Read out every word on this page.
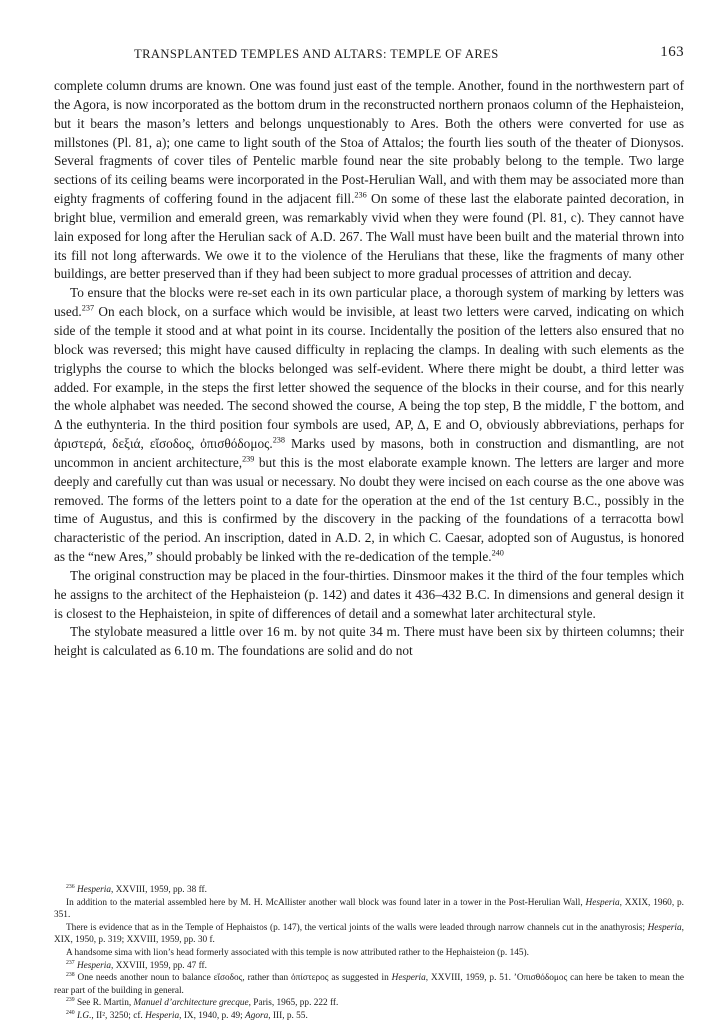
TRANSPLANTED TEMPLES AND ALTARS: TEMPLE OF ARES	163

complete column drums are known. One was found just east of the temple. Another, found in the northwestern part of the Agora, is now incorporated as the bottom drum in the reconstructed northern pronaos column of the Hephaisteion, but it bears the mason’s letters and belongs unquestionably to Ares. Both the others were converted for use as millstones (Pl. 81, a); one came to light south of the Stoa of Attalos; the fourth lies south of the theater of Dionysos. Several fragments of cover tiles of Pentelic marble found near the site probably belong to the temple. Two large sections of its ceiling beams were incorporated in the Post-Herulian Wall, and with them may be associated more than eighty fragments of coffering found in the adjacent fill.$^{236}$ On some of these last the elaborate painted decoration, in bright blue, vermilion and emerald green, was remarkably vivid when they were found (Pl. 81, c). They cannot have lain exposed for long after the Herulian sack of A.D. 267. The Wall must have been built and the material thrown into its fill not long afterwards. We owe it to the violence of the Herulians that these, like the fragments of many other buildings, are better preserved than if they had been subject to more gradual processes of attrition and decay.

To ensure that the blocks were re-set each in its own particular place, a thorough system of marking by letters was used.$^{237}$ On each block, on a surface which would be invisible, at least two letters were carved, indicating on which side of the temple it stood and at what point in its course. Incidentally the position of the letters also ensured that no block was reversed; this might have caused difficulty in replacing the clamps. In dealing with such elements as the triglyphs the course to which the blocks belonged was self-evident. Where there might be doubt, a third letter was added. For example, in the steps the first letter showed the sequence of the blocks in their course, and for this nearly the whole alphabet was needed. The second showed the course, Α being the top step, Β the middle, Γ the bottom, and Δ the euthynteria. In the third position four symbols are used, ΑΡ, Δ, Ε and Ο, obviously abbreviations, perhaps for ἀριστερά, δεξιά, εἴσοδος, ὀπισθόδομος.$^{238}$ Marks used by masons, both in construction and dismantling, are not uncommon in ancient architecture,$^{239}$ but this is the most elaborate example known. The letters are larger and more deeply and carefully cut than was usual or necessary. No doubt they were incised on each course as the one above was removed. The forms of the letters point to a date for the operation at the end of the 1st century B.C., possibly in the time of Augustus, and this is confirmed by the discovery in the packing of the foundations of a terracotta bowl characteristic of the period. An inscription, dated in A.D. 2, in which C. Caesar, adopted son of Augustus, is honored as the “new Ares,” should probably be linked with the re-dedication of the temple.$^{240}$

The original construction may be placed in the four-thirties. Dinsmoor makes it the third of the four temples which he assigns to the architect of the Hephaisteion (p. 142) and dates it 436–432 B.C. In dimensions and general design it is closest to the Hephaisteion, in spite of differences of detail and a somewhat later architectural style.

The stylobate measured a little over 16 m. by not quite 34 m. There must have been six by thirteen columns; their height is calculated as 6.10 m. The foundations are solid and do not

$^{236}$ Hesperia, XXVIII, 1959, pp. 38 ff.

In addition to the material assembled here by M. H. McAllister another wall block was found later in a tower in the Post-Herulian Wall, Hesperia, XXIX, 1960, p. 351.

There is evidence that as in the Temple of Hephaistos (p. 147), the vertical joints of the walls were leaded through narrow channels cut in the anathyrosis; Hesperia, XIX, 1950, p. 319; XXVIII, 1959, pp. 30 f.

A handsome sima with lion’s head formerly associated with this temple is now attributed rather to the Hephaisteion (p. 145).

$^{237}$ Hesperia, XXVIII, 1959, pp. 47 ff.

$^{238}$ One needs another noun to balance εἴσοδος, rather than ὀπίστερος as suggested in Hesperia, XXVIII, 1959, p. 51. ’Οπισθόδομος can here be taken to mean the rear part of the building in general.

$^{239}$ See R. Martin, Manuel d’architecture grecque, Paris, 1965, pp. 222 ff.

$^{240}$ I.G., II², 3250; cf. Hesperia, IX, 1940, p. 49; Agora, III, p. 55.
